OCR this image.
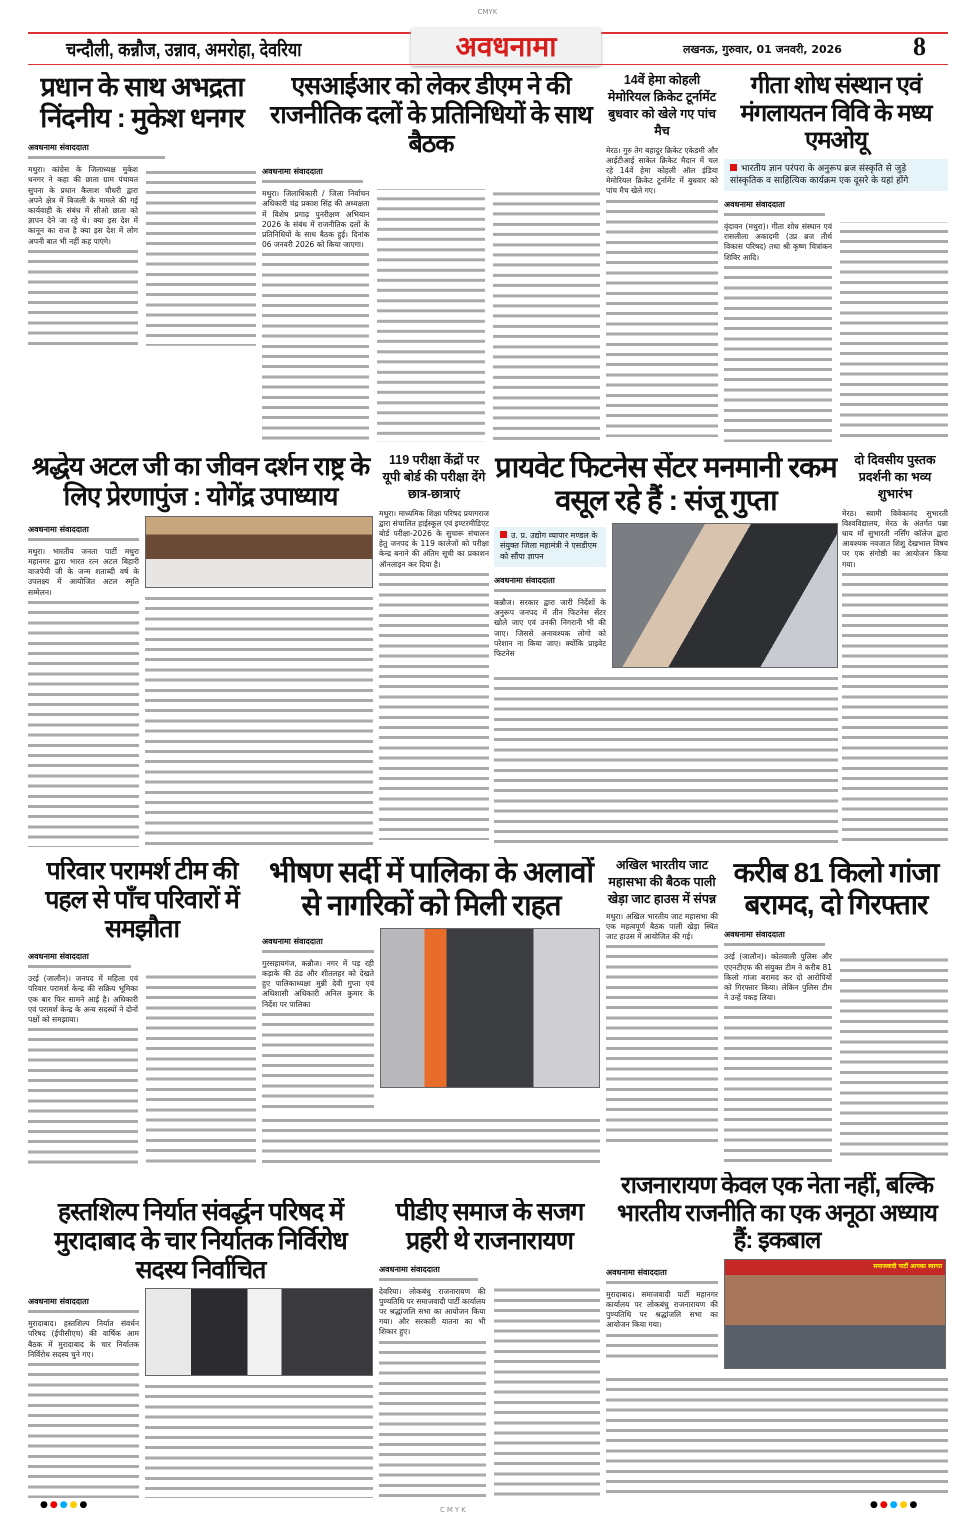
CMYK
चन्दौली, कन्नौज, उन्नाव, अमरोहा, देवरिया	अवधनामा	लखनऊ, गुरुवार, 01 जनवरी, 2026	8
प्रधान के साथ अभद्रता निंदनीय : मुकेश धनगर
अवधनामा संवाददाता
मथुरा। कांग्रेस के जिलाध्यक्ष मुकेश धनगर ने कहा की छाता ग्राम पंचायत सुपना के प्रधान कैलाश चौधरी द्वारा अपने क्षेत्र में बिजली के मामले की गई कार्यवाही के संबंध में सीओ छाता को ज्ञापन देने जा रहे थे। क्या इस देश में कानून का राज है क्या इस देश में लोग अपनी बात भी नहीं कह पाएंगे।
एसआईआर को लेकर डीएम ने की राजनीतिक दलों के प्रतिनिधियों के साथ बैठक
अवधनामा संवाददाता
मथुरा। जिलाधिकारी / जिला निर्वाचन अधिकारी चंद्र प्रकाश सिंह की अध्यक्षता में विशेष प्रगाढ़ पुनरीक्षण अभियान 2026 के संबंध में राजनीतिक दलों के प्रतिनिधियों के साथ बैठक हुई। दिनांक 06 जनवरी 2026 को किया जाएगा।
14वें हेमा कोहली मेमोरियल क्रिकेट टूर्नामेंट बुधवार को खेले गए पांच मैच
मेरठ। गुरु तेग बहादुर क्रिकेट एकेडमी और आईटीआई साकेत क्रिकेट मैदान में चल रहे 14वें हेमा कोहली ऑल इंडिया मेमोरियल क्रिकेट टूर्नामेंट में बुधवार को पांच मैच खेले गए।
गीता शोध संस्थान एवं मंगलायतन विवि के मध्य एमओयू
भारतीय ज्ञान परंपरा के अनुरूप ब्रज संस्कृति से जुड़े सांस्कृतिक व साहित्यिक कार्यक्रम एक दूसरे के यहां होंगे
अवधनामा संवाददाता
वृंदावन (मथुरा)। गीता शोध संस्थान एवं रासलीला अकादमी (उप्र ब्रज तीर्थ विकास परिषद) तथा श्री कृष्ण चित्रांकन शिविर आदि।
श्रद्धेय अटल जी का जीवन दर्शन राष्ट्र के लिए प्रेरणापुंज : योगेंद्र उपाध्याय
अवधनामा संवाददाता
मथुरा। भारतीय जनता पार्टी मथुरा महानगर द्वारा भारत रत्न अटल बिहारी वाजपेयी जी के जन्म शताब्दी वर्ष के उपलक्ष्य में आयोजित अटल स्मृति सम्मेलन।
119 परीक्षा केंद्रों पर यूपी बोर्ड की परीक्षा देंगे छात्र-छात्राएं
मथुरा। माध्यमिक शिक्षा परिषद प्रयागराज द्वारा संचालित हाईस्कूल एवं इण्टरमीडिएट बोर्ड परीक्षा-2026 के सुचारू संचालन हेतु जनपद के 119 कालेजों को परीक्षा केन्द्र बनाने की अंतिम सूची का प्रकाशन ऑनलाइन कर दिया है।
प्रायवेट फिटनेस सेंटर मनमानी रकम वसूल रहे हैं : संजू गुप्ता
उ. प्र. उद्योग व्यापार मण्डल के संयुक्त जिला महामंत्री ने एसडीएम को सौंपा ज्ञापन
अवधनामा संवाददाता
कन्नौज। सरकार द्वारा जारी निर्देशों के अनुरूप जनपद में तीन फिटनेस सेंटर खोले जाए एवं उनकी निगरानी भी की जाए। जिससे अनावश्यक लोगो को परेशान ना किया जाए। क्योंकि प्राइवेट फिटनेस
दो दिवसीय पुस्तक प्रदर्शनी का भव्य शुभारंभ
मेरठ। स्वामी विवेकानंद सुभारती विश्वविद्यालय, मेरठ के अंतर्गत पन्ना धाय माँ सुभारती नर्सिंग कॉलेज द्वारा आवश्यक नवजात शिशु देखभाल विषय पर एक संगोष्ठी का आयोजन किया गया।
परिवार परामर्श टीम की पहल से पाँच परिवारों में समझौता
अवधनामा संवाददाता
उरई (जालौन)। जनपद में महिला एवं परिवार परामर्श केन्द्र की सक्रिय भूमिका एक बार फिर सामने आई है। अधिकारी एवं परामर्श केन्द्र के अन्य सदस्यों ने दोनों पक्षों को समझाया।
भीषण सर्दी में पालिका के अलावों से नागरिकों को मिली राहत
अवधनामा संवाददाता
गुरसहायगंज, कन्नौज। नगर में पड़ रही कड़ाके की ठंड और शीतलहर को देखते हुए पालिकाध्यक्षा मुन्नी देवी गुप्ता एवं अधिशासी अधिकारी अनिल कुमार के निर्देश पर पालिका
अखिल भारतीय जाट महासभा की बैठक पाली खेड़ा जाट हाउस में संपन्न
मथुरा। अखिल भारतीय जाट महासभा की एक महत्वपूर्ण बैठक पाली खेड़ा स्थित जाट हाउस में आयोजित की गई।
करीब 81 किलो गांजा बरामद, दो गिरफ्तार
अवधनामा संवाददाता
उरई (जालौन)। कोतवाली पुलिस और एएनटीएफ की संयुक्त टीम ने करीब 81 किलो गांजा बरामद कर दो आरोपियों को गिरफ्तार किया। लेकिन पुलिस टीम ने उन्हें पकड़ लिया।
हस्तशिल्प निर्यात संवर्द्धन परिषद में मुरादाबाद के चार निर्यातक निर्विरोध सदस्य निर्वाचित
अवधनामा संवाददाता
मुरादाबाद। हस्तशिल्प निर्यात संवर्धन परिषद (ईपीसीएच) की वार्षिक आम बैठक में मुरादाबाद के चार निर्यातक निर्विरोध सदस्य चुने गए।
पीडीए समाज के सजग प्रहरी थे राजनारायण
अवधनामा संवाददाता
देवरिया। लोकबंधु राजनारायण की पुण्यतिथि पर समाजवादी पार्टी कार्यालय पर श्रद्धांजलि सभा का आयोजन किया गया। और सरकारी यातना का भी शिकार हुए।
राजनारायण केवल एक नेता नहीं, बल्कि भारतीय राजनीति का एक अनूठा अध्याय हैं: इकबाल
अवधनामा संवाददाता
मुरादाबाद। समाजवादी पार्टी महानगर कार्यालय पर लोकबंधु राजनारायण की पुण्यतिथि पर श्रद्धांजलि सभा का आयोजन किया गया।
समाजवादी पार्टी आपका स्वागत
●●●●●	CMYK	●●●●●
